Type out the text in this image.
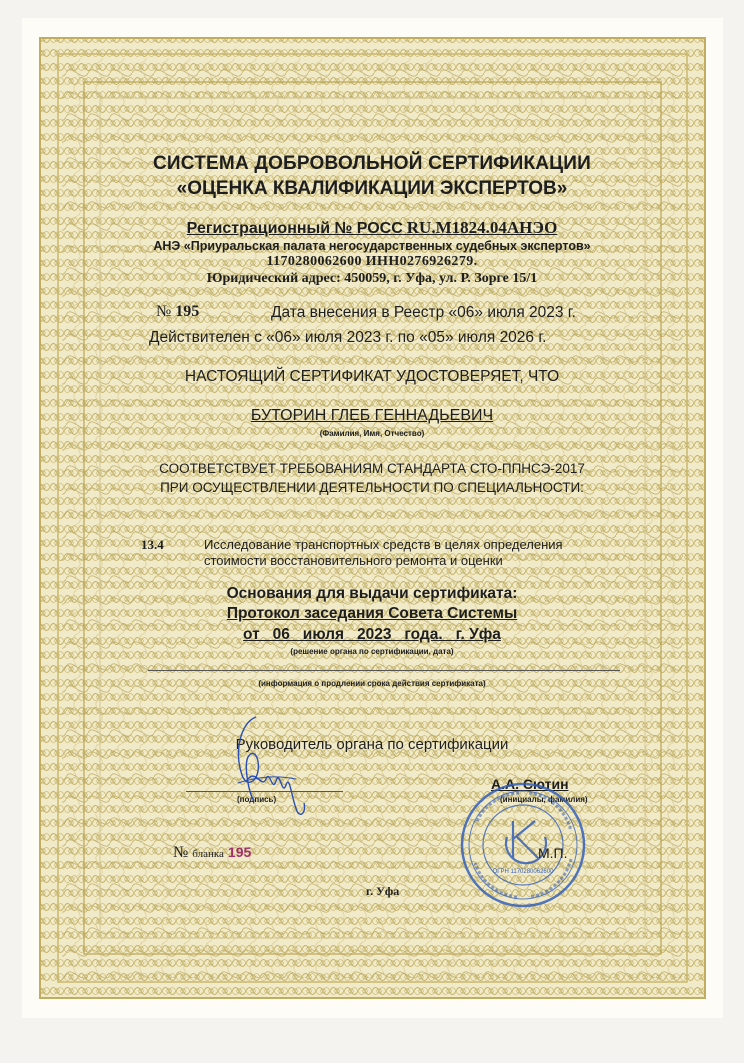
СИСТЕМА ДОБРОВОЛЬНОЙ СЕРТИФИКАЦИИ
«ОЦЕНКА КВАЛИФИКАЦИИ ЭКСПЕРТОВ»
Регистрационный № РОСС RU.M1824.04АНЭО
АНЭ «Приуральская палата негосударственных судебных экспертов»
1170280062600 ИНН0276926279.
Юридический адрес: 450059, г. Уфа, ул. Р. Зорге 15/1
№ 195	Дата внесения в Реестр «06» июля 2023 г.
Действителен с «06» июля 2023 г. по «05» июля 2026 г.
НАСТОЯЩИЙ СЕРТИФИКАТ УДОСТОВЕРЯЕТ, ЧТО
БУТОРИН ГЛЕБ ГЕННАДЬЕВИЧ
(Фамилия, Имя, Отчество)
СООТВЕТСТВУЕТ ТРЕБОВАНИЯМ СТАНДАРТА СТО-ППНСЭ-2017
ПРИ ОСУЩЕСТВЛЕНИИ ДЕЯТЕЛЬНОСТИ ПО СПЕЦИАЛЬНОСТИ:
13.4	Исследование транспортных средств в целях определения
стоимости восстановительного ремонта и оценки
Основания для выдачи сертификата:
Протокол заседания Совета Системы
от   06   июля   2023   года.   г. Уфа
(решение органа по сертификации, дата)
(информация о продлении срока действия сертификата)
Руководитель органа по сертификации
(подпись)
А.А. Сютин
(инициалы, фамилия)
№ бланка 195
г. Уфа
ОГРН 1170280062600
М.П.
